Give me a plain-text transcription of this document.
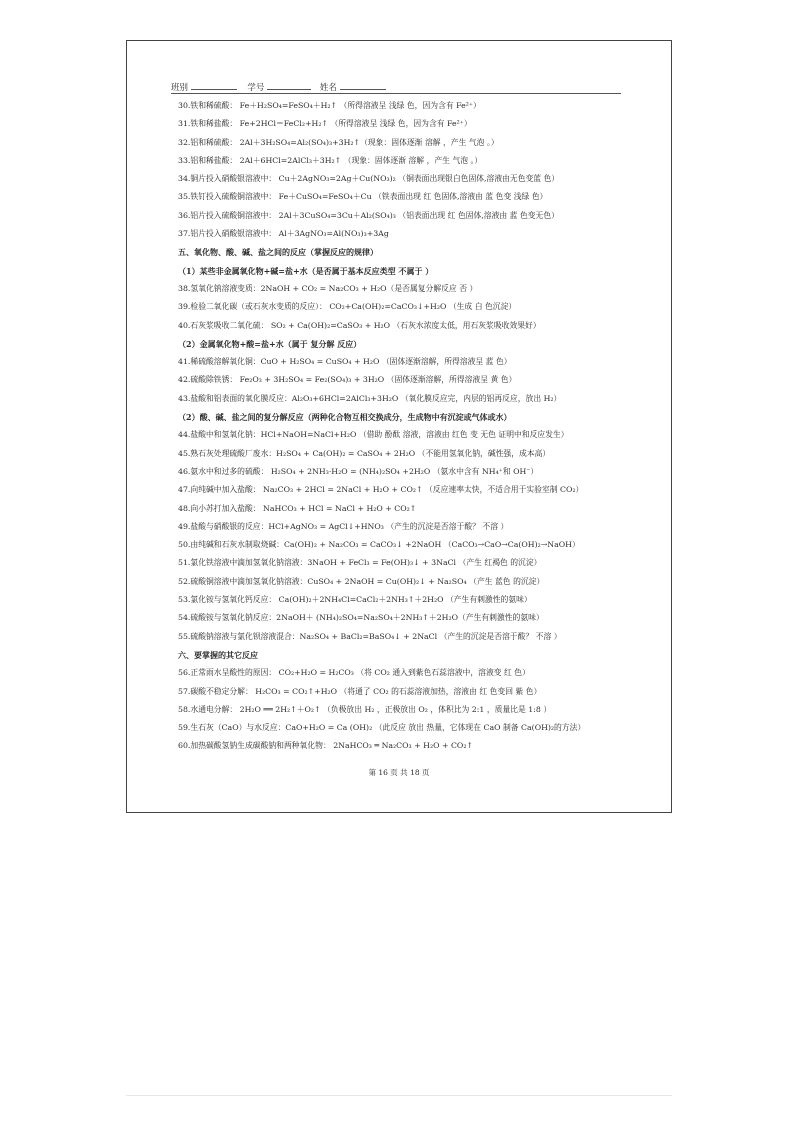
班别	学号	姓名
30.铁和稀硫酸： Fe＋H₂SO₄=FeSO₄＋H₂↑ （所得溶液呈 浅绿 色，因为含有 Fe²⁺）
31.铁和稀盐酸： Fe+2HCl＝FeCl₂+H₂↑ （所得溶液呈 浅绿 色，因为含有 Fe²⁺）
32.铝和稀硫酸： 2Al＋3H₂SO₄=Al₂(SO₄)₃+3H₂↑（现象：固体逐渐 溶解 ，产生 气泡 。）
33.铝和稀盐酸： 2Al＋6HCl=2AlCl₃＋3H₂↑ （现象：固体逐渐 溶解 ，产生 气泡 。）
34.铜片投入硝酸银溶液中： Cu＋2AgNO₃=2Ag＋Cu(NO₃)₂ （铜表面出现银白色固体,溶液由无色变蓝 色）
35.铁钉投入硫酸铜溶液中： Fe＋CuSO₄=FeSO₄＋Cu （铁表面出现 红 色固体,溶液由 蓝 色变 浅绿 色）
36.铝片投入硫酸铜溶液中： 2Al＋3CuSO₄=3Cu＋Al₂(SO₄)₃ （铝表面出现 红 色固体,溶液由 蓝 色变无色）
37.铝片投入硝酸银溶液中： Al＋3AgNO₃=Al(NO₃)₃+3Ag
五、氧化物、酸、碱、盐之间的反应（掌握反应的规律）
（1）某些非金属氧化物+碱=盐+水（是否属于基本反应类型 不属于 ）
38.氢氧化钠溶液变质：2NaOH + CO₂ = Na₂CO₃ + H₂O（是否属复分解反应 否 ）
39.检验二氧化碳（或石灰水变质的反应）： CO₂+Ca(OH)₂=CaCO₃↓+H₂O （生成 白 色沉淀）
40.石灰浆吸收二氧化硫： SO₂ + Ca(OH)₂=CaSO₃ + H₂O （石灰水浓度太低，用石灰浆吸收效果好）
（2）金属氧化物+酸=盐+水（属于 复分解 反应）
41.稀硫酸溶解氧化铜：CuO + H₂SO₄ = CuSO₄ + H₂O （固体逐渐溶解，所得溶液呈 蓝 色）
42.硫酸除铁锈： Fe₂O₃ + 3H₂SO₄ = Fe₂(SO₄)₃ + 3H₂O （固体逐渐溶解，所得溶液呈 黄 色）
43.盐酸和铝表面的氧化膜反应：Al₂O₃+6HCl=2AlCl₃+3H₂O （氧化膜反应完，内层的铝再反应，放出 H₂）
（2）酸、碱、盐之间的复分解反应（两种化合物互相交换成分，生成物中有沉淀或气体或水）
44.盐酸中和氢氧化钠：HCl+NaOH=NaCl+H₂O （借助 酚酞 溶液，溶液由 红色 变 无色 证明中和反应发生）
45.熟石灰处理硫酸厂废水：H₂SO₄ + Ca(OH)₂ = CaSO₄ + 2H₂O （不能用氢氧化钠，碱性强，成本高）
46.氨水中和过多的硫酸： H₂SO₄ + 2NH₃·H₂O = (NH₄)₂SO₄ +2H₂O （氨水中含有 NH₄⁺和 OH⁻）
47.向纯碱中加入盐酸： Na₂CO₃ + 2HCl = 2NaCl + H₂O + CO₂↑ （反应速率太快，不适合用于实验室制 CO₂）
48.向小苏打加入盐酸： NaHCO₃ + HCl = NaCl + H₂O + CO₂↑
49.盐酸与硝酸银的反应：HCl+AgNO₃ = AgCl↓+HNO₃ （产生的沉淀是否溶于酸？ 不溶 ）
50.由纯碱和石灰水制取烧碱：Ca(OH)₂ + Na₂CO₃ = CaCO₃↓ +2NaOH （CaCO₃→CaO→Ca(OH)₂→NaOH）
51.氯化铁溶液中滴加氢氧化钠溶液：3NaOH + FeCl₃ = Fe(OH)₃↓ + 3NaCl （产生 红褐色 的沉淀）
52.硫酸铜溶液中滴加氢氧化钠溶液：CuSO₄ + 2NaOH = Cu(OH)₂↓ + Na₂SO₄ （产生 蓝色 的沉淀）
53.氯化铵与氢氧化钙反应： Ca(OH)₂＋2NH₄Cl=CaCl₂＋2NH₃↑＋2H₂O （产生有刺激性的氨味）
54.硫酸铵与氢氧化钠反应：2NaOH＋ (NH₄)₂SO₄=Na₂SO₄＋2NH₃↑＋2H₂O（产生有刺激性的氨味）
55.硫酸钠溶液与氯化钡溶液混合：Na₂SO₄ + BaCl₂=BaSO₄↓ + 2NaCl （产生的沉淀是否溶于酸？ 不溶 ）
六、要掌握的其它反应
56.正常雨水呈酸性的原因： CO₂+H₂O = H₂CO₃ （将 CO₂ 通入到紫色石蕊溶液中，溶液变 红 色）
57.碳酸不稳定分解： H₂CO₃ = CO₂↑+H₂O （将通了 CO₂ 的石蕊溶液加热，溶液由 红 色变回 紫 色）
58.水通电分解： 2H₂O ══ 2H₂↑＋O₂↑ （负极放出 H₂ ，正极放出 O₂ ，体积比为 2:1 ，质量比是 1:8 ）
59.生石灰（CaO）与水反应：CaO+H₂O = Ca (OH)₂ （此反应 放出 热量，它体现在 CaO 制备 Ca(OH)₂的方法）
60.加热碳酸氢钠生成碳酸钠和两种氧化物： 2NaHCO₃ ═ Na₂CO₃ + H₂O + CO₂↑
第 16 页 共 18 页
